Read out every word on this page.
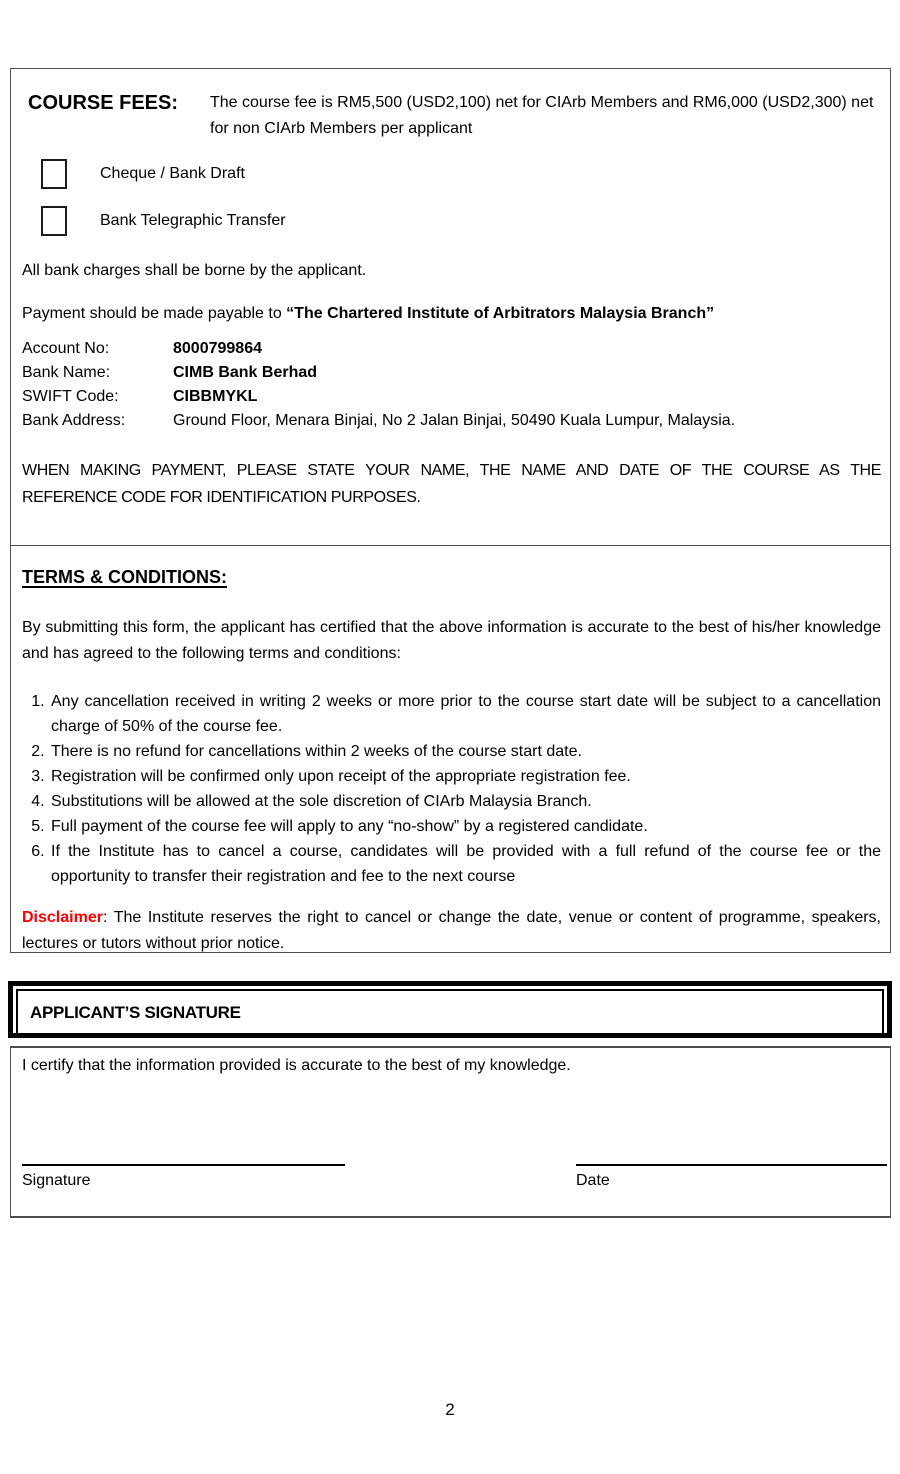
COURSE FEES:	The course fee is RM5,500 (USD2,100) net for CIArb Members and RM6,000 (USD2,300) net for non CIArb Members per applicant
Cheque / Bank Draft
Bank Telegraphic Transfer

All bank charges shall be borne by the applicant.

Payment should be made payable to “The Chartered Institute of Arbitrators Malaysia Branch”

Account No:	8000799864
Bank Name:	CIMB Bank Berhad
SWIFT Code:	CIBBMYKL
Bank Address:	Ground Floor, Menara Binjai, No 2 Jalan Binjai, 50490 Kuala Lumpur, Malaysia.
WHEN MAKING PAYMENT, PLEASE STATE YOUR NAME, THE NAME AND DATE OF THE COURSE AS THE
REFERENCE CODE FOR IDENTIFICATION PURPOSES.
TERMS & CONDITIONS:

By submitting this form, the applicant has certified that the above information is accurate to the best of his/her knowledge and has agreed to the following terms and conditions:

1. Any cancellation received in writing 2 weeks or more prior to the course start date will be subject to a cancellation charge of 50% of the course fee.
2. There is no refund for cancellations within 2 weeks of the course start date.
3. Registration will be confirmed only upon receipt of the appropriate registration fee.
4. Substitutions will be allowed at the sole discretion of CIArb Malaysia Branch.
5. Full payment of the course fee will apply to any “no-show” by a registered candidate.
6. If the Institute has to cancel a course, candidates will be provided with a full refund of the course fee or the opportunity to transfer their registration and fee to the next course

Disclaimer: The Institute reserves the right to cancel or change the date, venue or content of programme, speakers, lectures or tutors without prior notice.

APPLICANT’S SIGNATURE

I certify that the information provided is accurate to the best of my knowledge.

Signature	Date
2
